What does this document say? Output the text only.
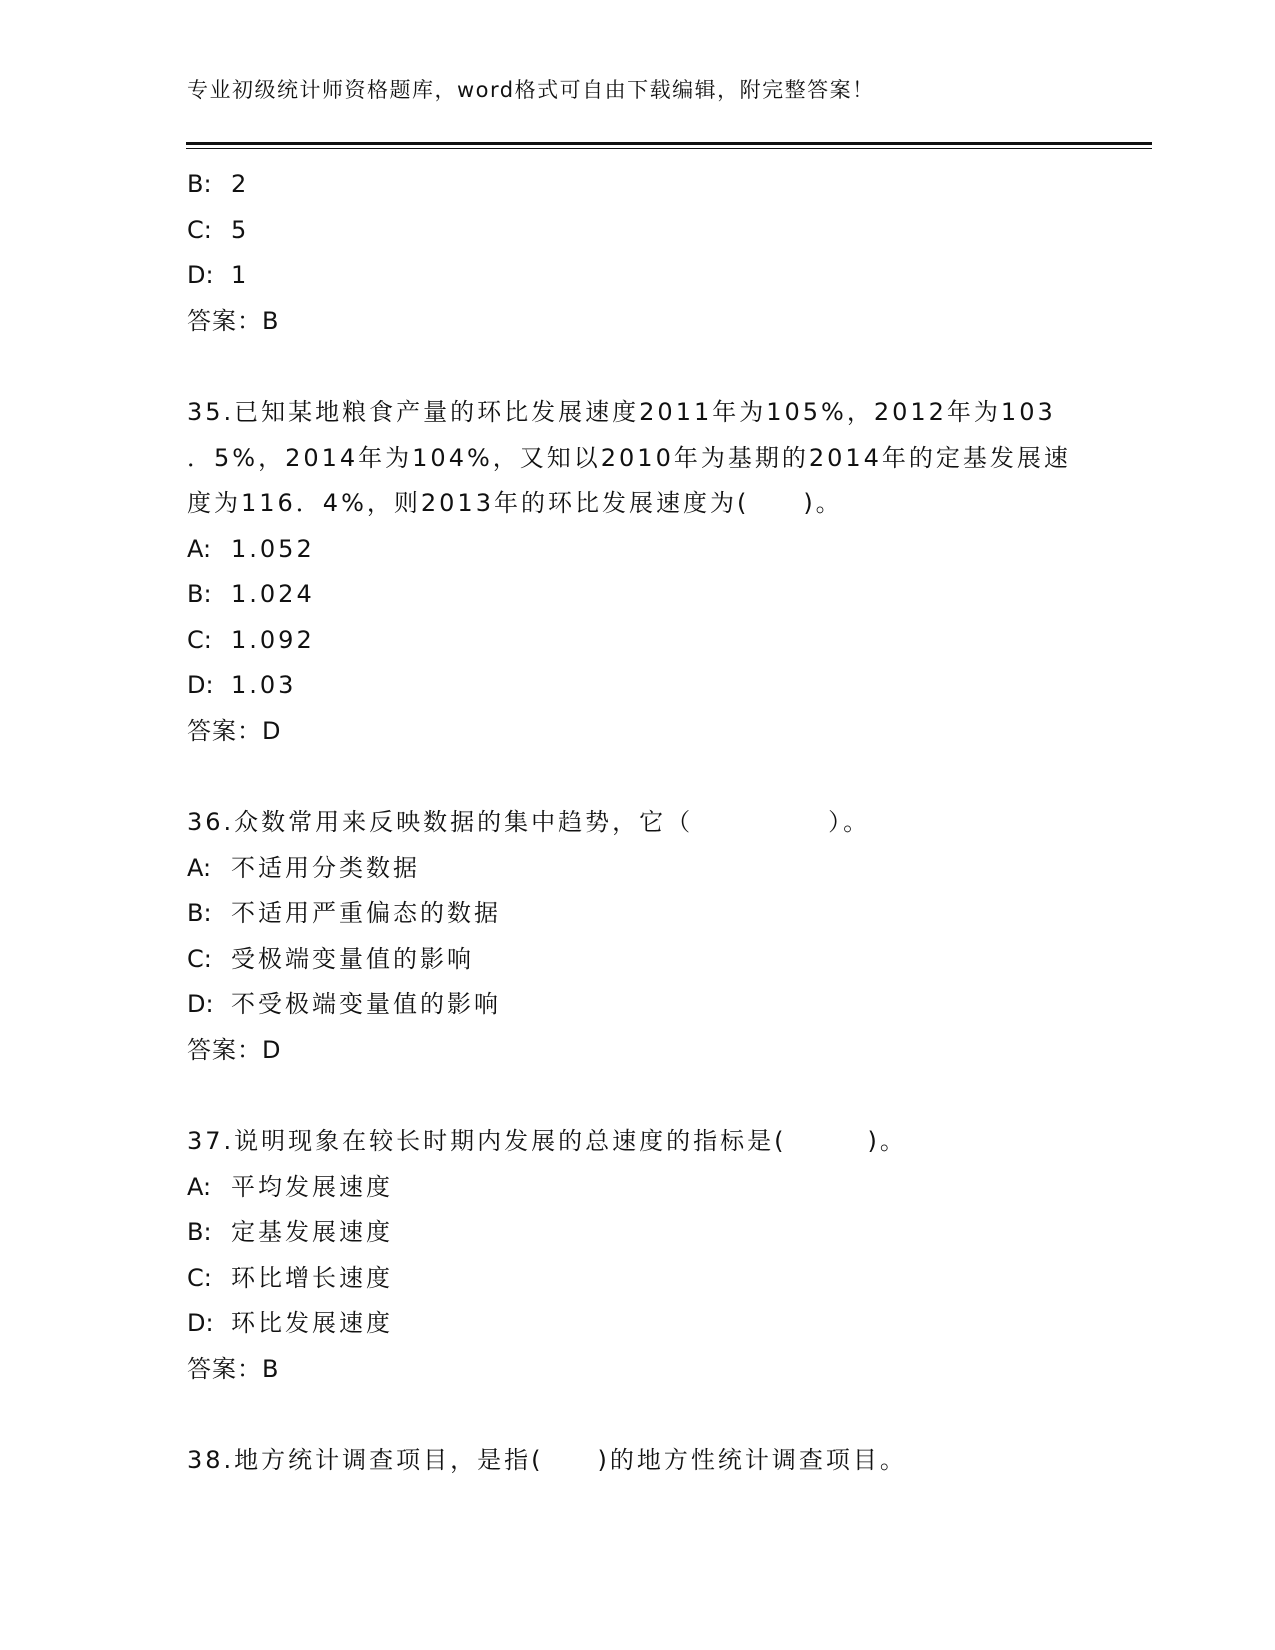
专业初级统计师资格题库，word格式可自由下载编辑，附完整答案！
B: 2
C: 5
D: 1
答案：B
35.已知某地粮食产量的环比发展速度2011年为105%，2012年为103
．5%，2014年为104%，又知以2010年为基期的2014年的定基发展速
度为116．4%，则2013年的环比发展速度为(　　)。
A: 1.052
B: 1.024
C: 1.092
D: 1.03
答案：D
36.众数常用来反映数据的集中趋势，它（　　　　　）。
A: 不适用分类数据
B: 不适用严重偏态的数据
C: 受极端变量值的影响
D: 不受极端变量值的影响
答案：D
37.说明现象在较长时期内发展的总速度的指标是(　　　)。
A: 平均发展速度
B: 定基发展速度
C: 环比增长速度
D: 环比发展速度
答案：B
38.地方统计调查项目，是指(　　)的地方性统计调查项目。
